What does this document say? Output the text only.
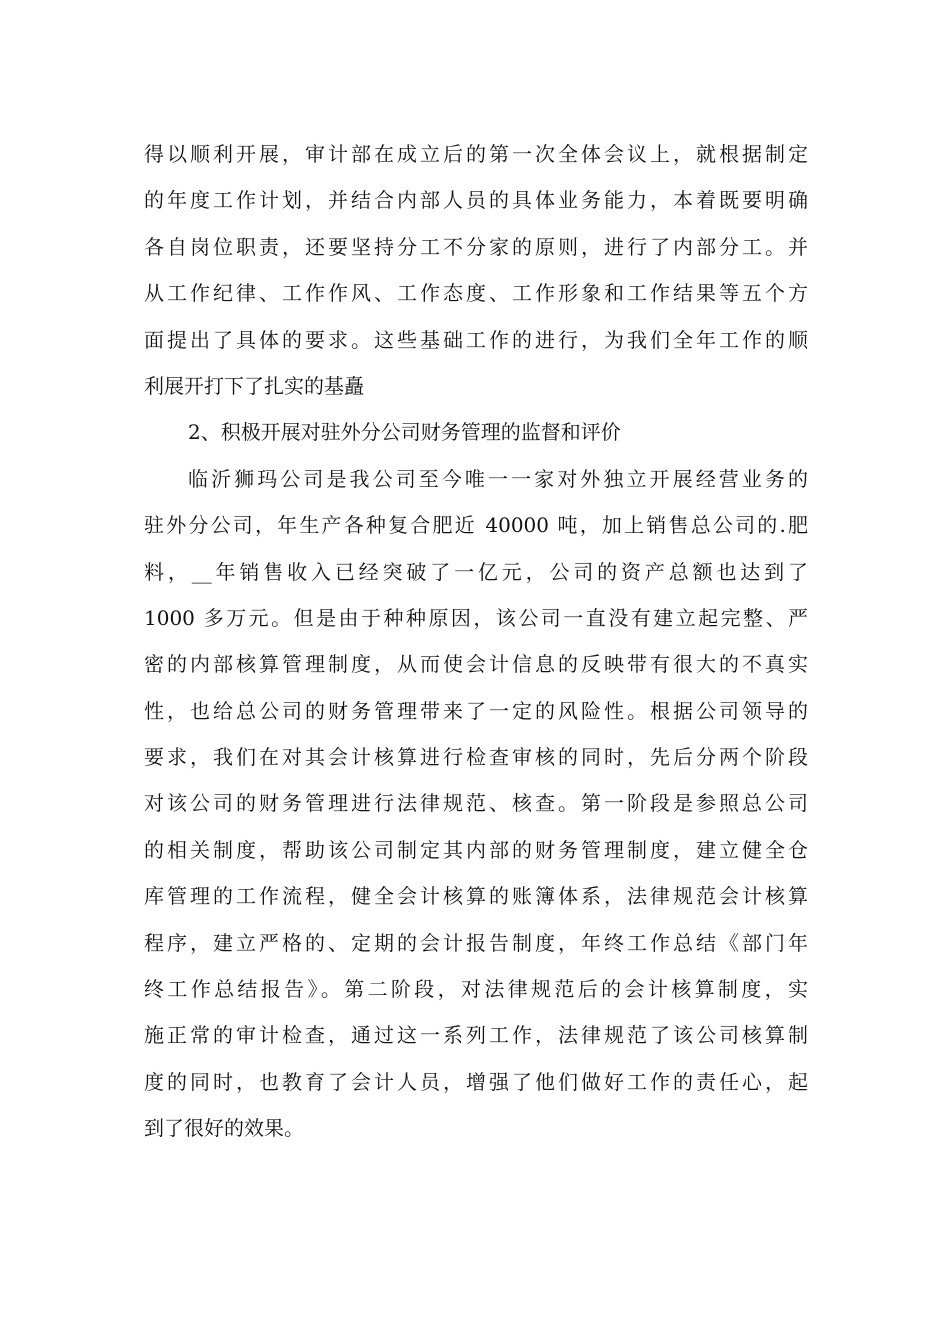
得以顺利开展，审计部在成立后的第一次全体会议上，就根据制定
的年度工作计划，并结合内部人员的具体业务能力，本着既要明确
各自岗位职责，还要坚持分工不分家的原则，进行了内部分工。并
从工作纪律、工作作风、工作态度、工作形象和工作结果等五个方
面提出了具体的要求。这些基础工作的进行，为我们全年工作的顺
利展开打下了扎实的基矗
2、积极开展对驻外分公司财务管理的监督和评价
临沂狮玛公司是我公司至今唯一一家对外独立开展经营业务的
驻外分公司，年生产各种复合肥近 40000 吨，加上销售总公司的.肥
料，__年销售收入已经突破了一亿元，公司的资产总额也达到了
1000 多万元。但是由于种种原因，该公司一直没有建立起完整、严
密的内部核算管理制度，从而使会计信息的反映带有很大的不真实
性，也给总公司的财务管理带来了一定的风险性。根据公司领导的
要求，我们在对其会计核算进行检查审核的同时，先后分两个阶段
对该公司的财务管理进行法律规范、核查。第一阶段是参照总公司
的相关制度，帮助该公司制定其内部的财务管理制度，建立健全仓
库管理的工作流程，健全会计核算的账簿体系，法律规范会计核算
程序，建立严格的、定期的会计报告制度，年终工作总结《部门年
终工作总结报告》。第二阶段，对法律规范后的会计核算制度，实
施正常的审计检查，通过这一系列工作，法律规范了该公司核算制
度的同时，也教育了会计人员，增强了他们做好工作的责任心，起
到了很好的效果。
